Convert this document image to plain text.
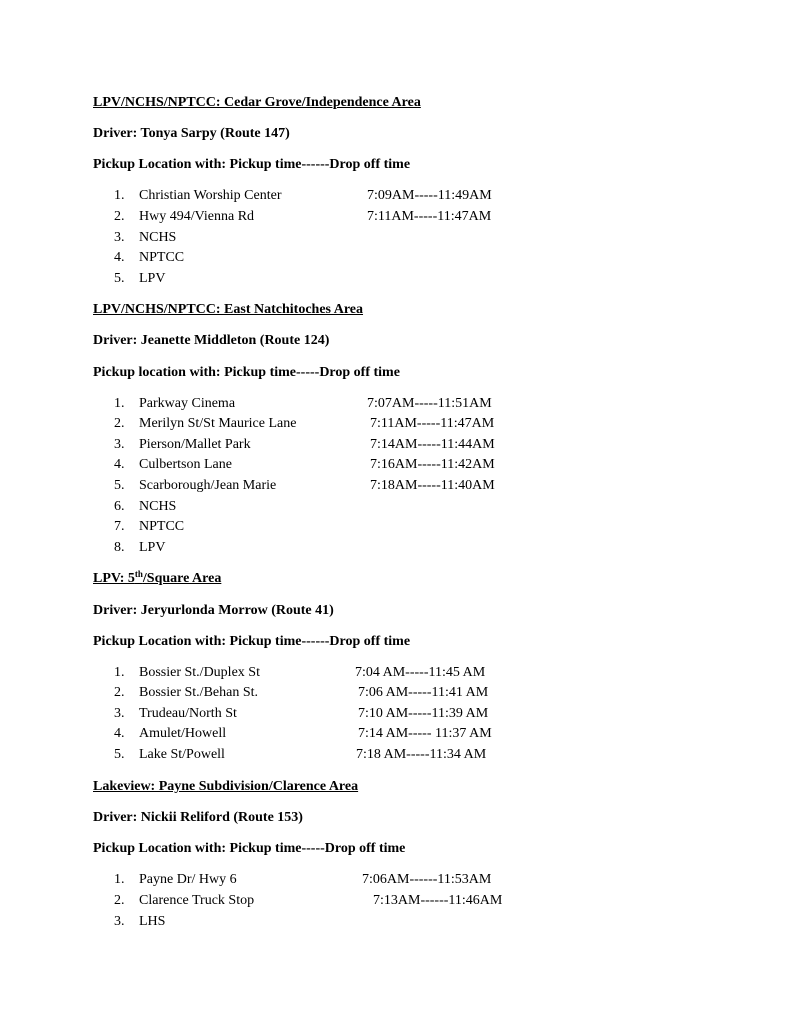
LPV/NCHS/NPTCC: Cedar Grove/Independence Area
Driver: Tonya Sarpy (Route 147)
Pickup Location with: Pickup time------Drop off time
1. Christian Worship Center	7:09AM-----11:49AM
2. Hwy 494/Vienna Rd	7:11AM-----11:47AM
3. NCHS
4. NPTCC
5. LPV
LPV/NCHS/NPTCC: East Natchitoches Area
Driver: Jeanette Middleton (Route 124)
Pickup location with: Pickup time-----Drop off time
1. Parkway Cinema	7:07AM-----11:51AM
2. Merilyn St/St Maurice Lane	7:11AM-----11:47AM
3. Pierson/Mallet Park	7:14AM-----11:44AM
4. Culbertson Lane	7:16AM-----11:42AM
5. Scarborough/Jean Marie	7:18AM-----11:40AM
6. NCHS
7. NPTCC
8. LPV
LPV: 5th/Square Area
Driver: Jeryurlonda Morrow (Route 41)
Pickup Location with: Pickup time------Drop off time
1. Bossier St./Duplex St	7:04 AM-----11:45 AM
2. Bossier St./Behan St.	7:06 AM-----11:41 AM
3. Trudeau/North St	7:10 AM-----11:39 AM
4. Amulet/Howell	7:14 AM----- 11:37 AM
5. Lake St/Powell	7:18 AM-----11:34 AM
Lakeview: Payne Subdivision/Clarence Area
Driver: Nickii Reliford (Route 153)
Pickup Location with: Pickup time-----Drop off time
1. Payne Dr/ Hwy 6	7:06AM------11:53AM
2. Clarence Truck Stop	7:13AM------11:46AM
3. LHS
